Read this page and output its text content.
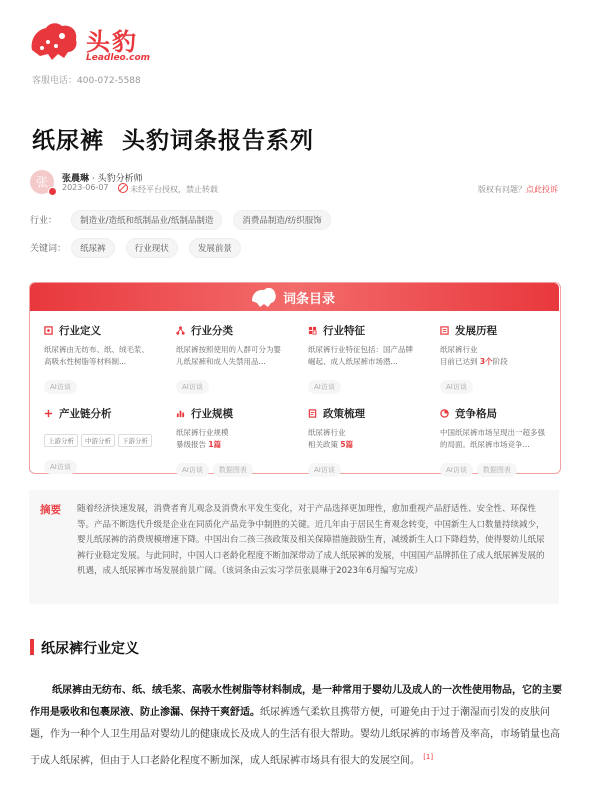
头豹
Leadleo.com
客服电话：400-072-5588
纸尿裤  头豹词条报告系列
张	张晨琳 · 头豹分析师
2023-06-07	未经平台授权，禁止转载	版权有问题？点此投诉
行业：	制造业/造纸和纸制品业/纸制品制造	消费品制造/纺织服饰
关键词： 纸尿裤	行业现状	发展前景
词条目录
行业定义
纸尿裤由无纺布、纸、绒毛浆、高吸水性树脂等材料制...
AI访谈
行业分类
纸尿裤按照使用的人群可分为婴儿纸尿裤和成人失禁用品...
AI访谈
行业特征
纸尿裤行业特征包括：国产品牌崛起、成人纸尿裤市场潜...
AI访谈
发展历程
纸尿裤行业
目前已达到 3个阶段
AI访谈
产业链分析
上游分析 中游分析 下游分析
AI访谈
行业规模
纸尿裤行业规模
暴级报告 1篇
AI访谈 数据图表
政策梳理
纸尿裤行业
相关政策 5篇
AI访谈
竞争格局
中国纸尿裤市场呈现出一超多强的局面。纸尿裤市场竞争...
AI访谈 数据图表
摘要 随着经济快速发展，消费者育儿观念及消费水平发生变化，对于产品选择更加理性，愈加重视产品舒适性、安全性、环保性等。产品不断迭代升级是企业在同质化产品竞争中制胜的关键。近几年由于居民生育观念转变，中国新生人口数量持续减少，婴儿纸尿裤的消费规模增速下降。中国出台二孩三孩政策及相关保障措施鼓励生育，减缓新生人口下降趋势，使得婴幼儿纸尿裤行业稳定发展。与此同时，中国人口老龄化程度不断加深带动了成人纸尿裤的发展，中国国产品牌抓住了成人纸尿裤发展的机遇，成人纸尿裤市场发展前景广阔。（该词条由云实习学员张晨琳于2023年6月编写完成）
纸尿裤行业定义
纸尿裤由无纺布、纸、绒毛浆、高吸水性树脂等材料制成，是一种常用于婴幼儿及成人的一次性使用物品，它的主要作用是吸收和包裹尿液、防止渗漏、保持干爽舒适。纸尿裤透气柔软且携带方便，可避免由于过于潮湿而引发的皮肤问题，作为一种个人卫生用品对婴幼儿的健康成长及成人的生活有很大帮助。婴幼儿纸尿裤的市场普及率高，市场销量也高于成人纸尿裤，但由于人口老龄化程度不断加深，成人纸尿裤市场具有很大的发展空间。 [1]
